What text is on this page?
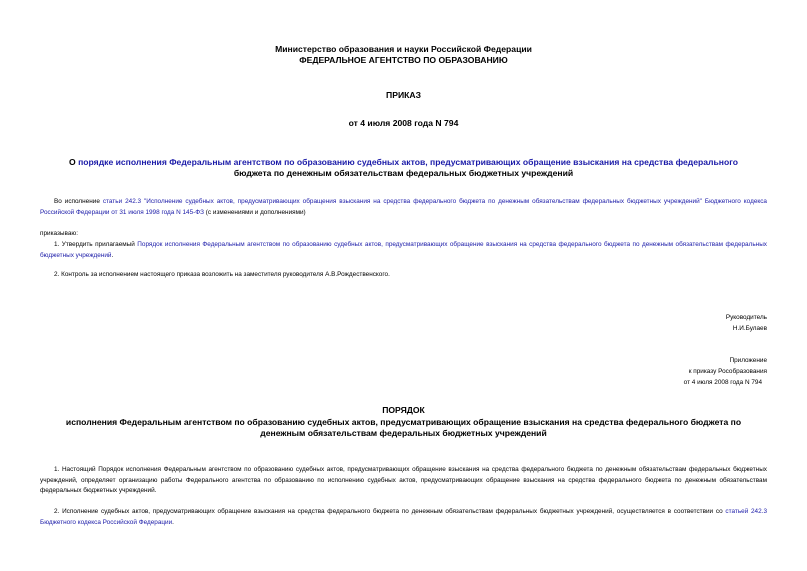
Министерство образования и науки Российской Федерации
ФЕДЕРАЛЬНОЕ АГЕНТСТВО ПО ОБРАЗОВАНИЮ
ПРИКАЗ
от 4 июля 2008 года N 794
О порядке исполнения Федеральным агентством по образованию судебных актов, предусматривающих обращение взыскания на средства федерального
бюджета по денежным обязательствам федеральных бюджетных учреждений
Во исполнение статьи 242.3 "Исполнение судебных актов, предусматривающих обращения взыскания на средства федерального бюджета по денежным обязательствам федеральных бюджетных учреждений" Бюджетного кодекса Российской Федерации от 31 июля 1998 года N 145-ФЗ (с изменениями и дополнениями)
приказываю:
1. Утвердить прилагаемый Порядок исполнения Федеральным агентством по образованию судебных актов, предусматривающих обращение взыскания на средства федерального бюджета по денежным обязательствам федеральных бюджетных учреждений.
2. Контроль за исполнением настоящего приказа возложить на заместителя руководителя А.В.Рождественского.
Руководитель
Н.И.Булаев
Приложение
к приказу Рособразования
от 4 июля 2008 года N 794
ПОРЯДОК
исполнения Федеральным агентством по образованию судебных актов, предусматривающих обращение взыскания на средства федерального бюджета по
денежным обязательствам федеральных бюджетных учреждений
1. Настоящий Порядок исполнения Федеральным агентством по образованию судебных актов, предусматривающих обращение взыскания на средства федерального бюджета по денежным обязательствам федеральных бюджетных учреждений, определяет организацию работы Федерального агентства по образованию по исполнению судебных актов, предусматривающих обращение взыскания на средства федерального бюджета по денежным обязательствам федеральных бюджетных учреждений.
2. Исполнение судебных актов, предусматривающих обращение взыскания на средства федерального бюджета по денежным обязательствам федеральных бюджетных учреждений, осуществляется в соответствии со статьей 242.3 Бюджетного кодекса Российской Федерации.
